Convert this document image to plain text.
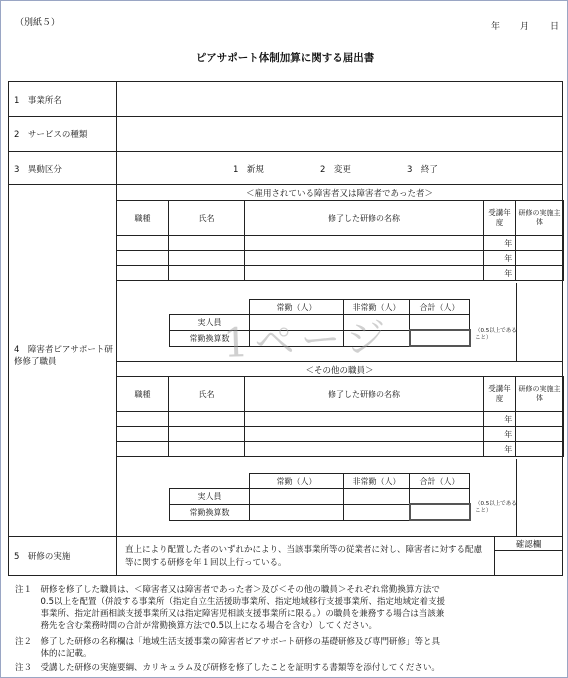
（別紙５）	年 月 日
ピアサポート体制加算に関する届出書
1　事業所名
2　サービスの種類
3　異動区分	1　新規	2　変更	3　終了
4　障害者ピアサポート研修修了職員
＜雇用されている障害者又は障害者であった者＞
職種	氏名	修了した研修の名称	受講年度		研修の実施主体
				年	
				年	
				年	
	常勤（人）	非常勤（人）	合計（人）
実人員			
常勤換算数			
（0.5以上であること）
＜その他の職員＞
職種	氏名	修了した研修の名称	受講年度		研修の実施主体
				年	
				年	
				年	
	常勤（人）	非常勤（人）	合計（人）
実人員			
常勤換算数			
（0.5以上であること）
5　研修の実施
直上により配置した者のいずれかにより、当該事業所等の従業者に対し、障害者に対する配慮等に関する研修を年１回以上行っている。
確認欄
1ページ
注１　研修を修了した職員は、＜障害者又は障害者であった者＞及び＜その他の職員＞それぞれ常勤換算方法で
　　　0.5以上を配置（併設する事業所（指定自立生活援助事業所、指定地域移行支援事業所、指定地域定着支援
　　　事業所、指定計画相談支援事業所又は指定障害児相談支援事業所に限る。）の職員を兼務する場合は当該兼
　　　務先を含む業務時間の合計が常勤換算方法で0.5以上になる場合を含む）してください。
注２　修了した研修の名称欄は「地域生活支援事業の障害者ピアサポート研修の基礎研修及び専門研修」等と具
　　　体的に記載。
注３　受講した研修の実施要綱、カリキュラム及び研修を修了したことを証明する書類等を添付してください。
